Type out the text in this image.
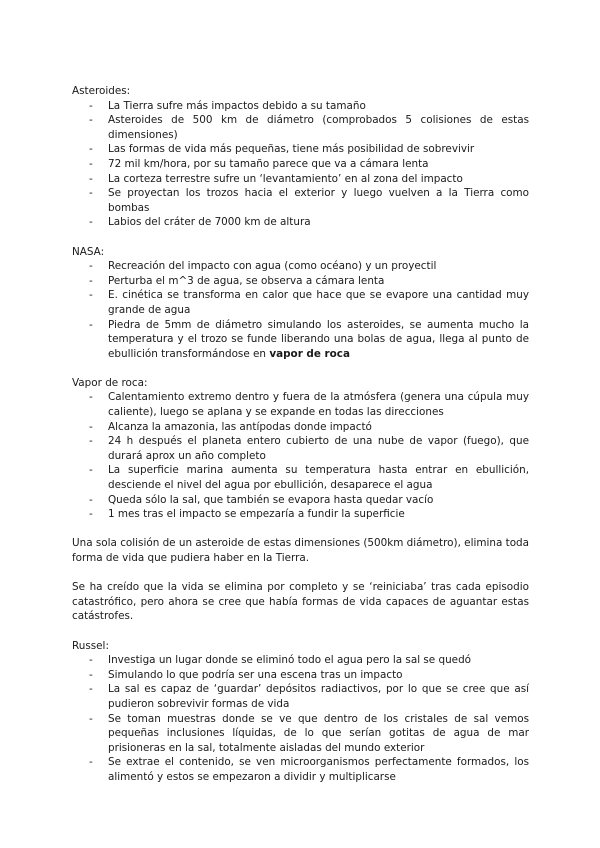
Asteroides:

- La Tierra sufre más impactos debido a su tamaño
- Asteroides de 500 km de diámetro (comprobados 5 colisiones de estas dimensiones)
- Las formas de vida más pequeñas, tiene más posibilidad de sobrevivir
- 72 mil km/hora, por su tamaño parece que va a cámara lenta
- La corteza terrestre sufre un ‘levantamiento’ en al zona del impacto
- Se proyectan los trozos hacia el exterior y luego vuelven a la Tierra como bombas
- Labios del cráter de 7000 km de altura

NASA:

- Recreación del impacto con agua (como océano) y un proyectil
- Perturba el m^3 de agua, se observa a cámara lenta
- E. cinética se transforma en calor que hace que se evapore una cantidad muy grande de agua
- Piedra de 5mm de diámetro simulando los asteroides, se aumenta mucho la temperatura y el trozo se funde liberando una bolas de agua, llega al punto de ebullición transformándose en vapor de roca

Vapor de roca:

- Calentamiento extremo dentro y fuera de la atmósfera (genera una cúpula muy caliente), luego se aplana y se expande en todas las direcciones
- Alcanza la amazonia, las antípodas donde impactó
- 24 h después el planeta entero cubierto de una nube de vapor (fuego), que durará aprox un año completo
- La superficie marina aumenta su temperatura hasta entrar en ebullición, desciende el nivel del agua por ebullición, desaparece el agua
- Queda sólo la sal, que también se evapora hasta quedar vacío
- 1 mes tras el impacto se empezaría a fundir la superficie

Una sola colisión de un asteroide de estas dimensiones (500km diámetro), elimina toda forma de vida que pudiera haber en la Tierra.

Se ha creído que la vida se elimina por completo y se ‘reiniciaba’ tras cada episodio catastrófico, pero ahora se cree que había formas de vida capaces de aguantar estas catástrofes.

Russel:

- Investiga un lugar donde se eliminó todo el agua pero la sal se quedó
- Simulando lo que podría ser una escena tras un impacto
- La sal es capaz de ‘guardar’ depósitos radiactivos, por lo que se cree que así pudieron sobrevivir formas de vida
- Se toman muestras donde se ve que dentro de los cristales de sal vemos pequeñas inclusiones líquidas, de lo que serían gotitas de agua de mar prisioneras en la sal, totalmente aisladas del mundo exterior
- Se extrae el contenido, se ven microorganismos perfectamente formados, los alimentó y estos se empezaron a dividir y multiplicarse
